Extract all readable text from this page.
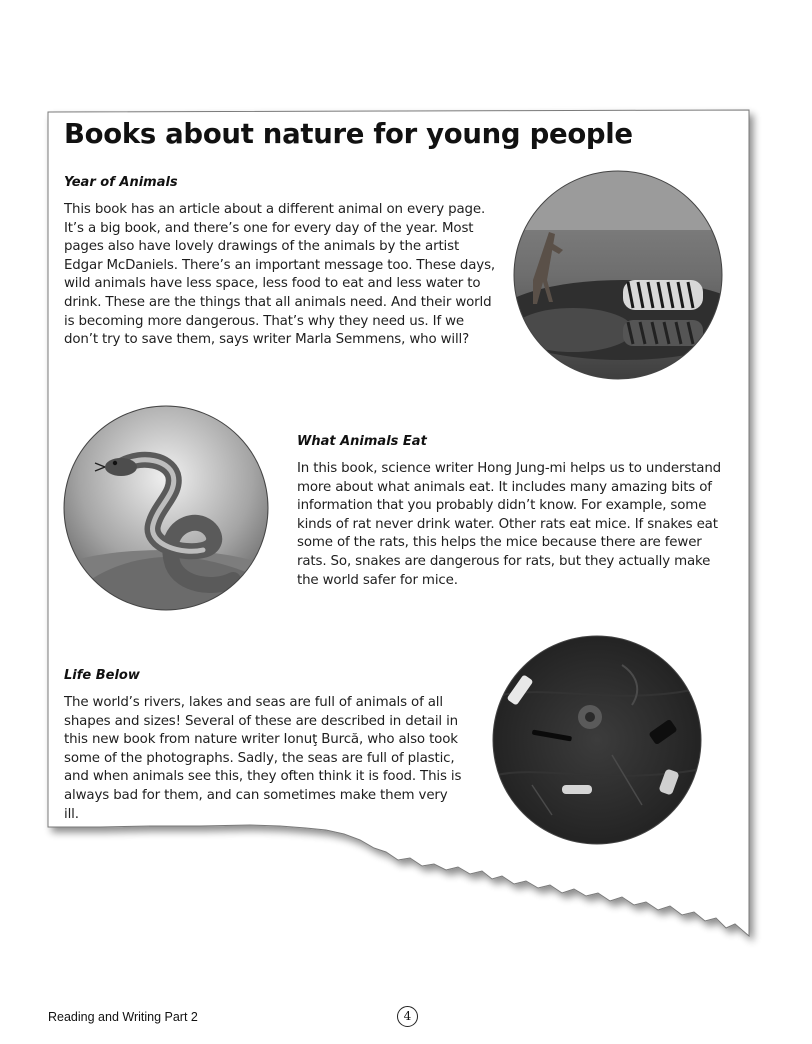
Books about nature for young people
Year of Animals

This book has an article about a different animal on every page. It’s a big book, and there’s one for every day of the year. Most pages also have lovely drawings of the animals by the artist Edgar McDaniels. There’s an important message too. These days, wild animals have less space, less food to eat and less water to drink. These are the things that all animals need. And their world is becoming more dangerous. That’s why they need us. If we don’t try to save them, says writer Marla Semmens, who will?

What Animals Eat

In this book, science writer Hong Jung-mi helps us to understand more about what animals eat. It includes many amazing bits of information that you probably didn’t know. For example, some kinds of rat never drink water. Other rats eat mice. If snakes eat some of the rats, this helps the mice because there are fewer rats. So, snakes are dangerous for rats, but they actually make the world safer for mice.

Life Below

The world’s rivers, lakes and seas are full of animals of all shapes and sizes! Several of these are described in detail in this new book from nature writer Ionuţ Burcă, who also took some of the photographs. Sadly, the seas are full of plastic, and when animals see this, they often think it is food. This is always bad for them, and can sometimes make them very ill.

Reading and Writing Part 2	4
